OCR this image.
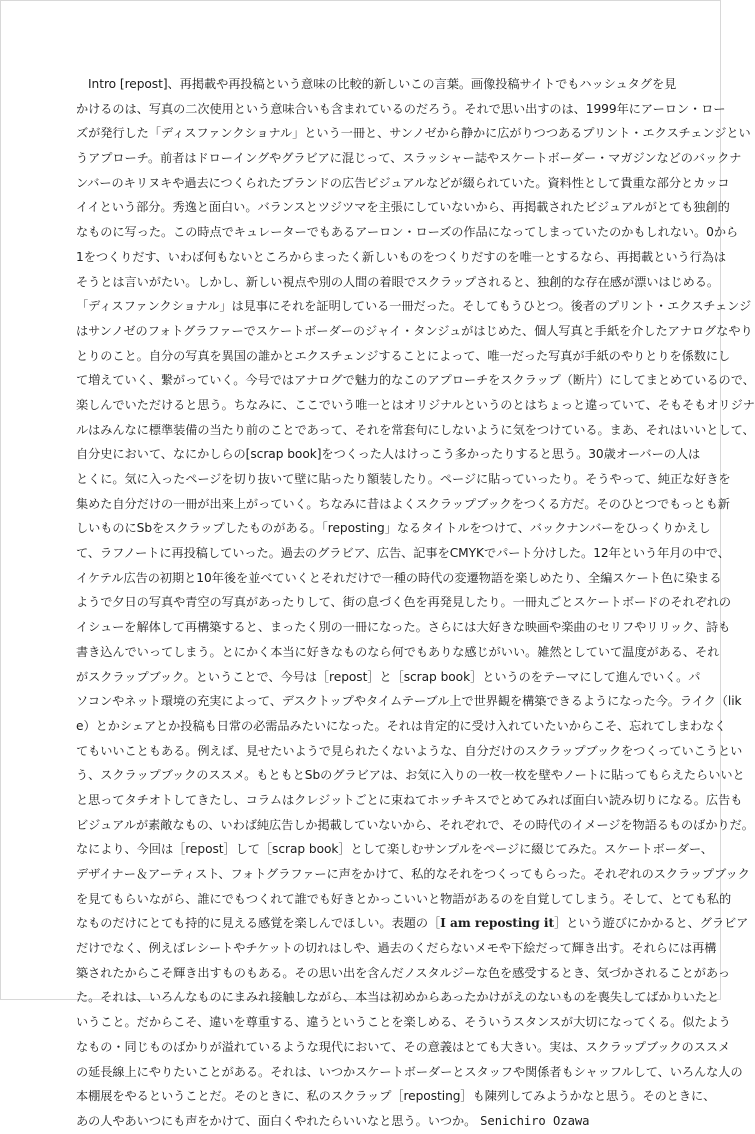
Intro [repost]、再掲載や再投稿という意味の比較的新しいこの言葉。画像投稿サイトでもハッシュタグを見
かけるのは、写真の二次使用という意味合いも含まれているのだろう。それで思い出すのは、1999年にアーロン・ロー
ズが発行した「ディスファンクショナル」という一冊と、サンノゼから静かに広がりつつあるプリント・エクスチェンジとい
うアプローチ。前者はドローイングやグラビアに混じって、スラッシャー誌やスケートボーダー・マガジンなどのバックナ
ンバーのキリヌキや過去につくられたブランドの広告ビジュアルなどが綴られていた。資料性として貴重な部分とカッコ
イイという部分。秀逸と面白い。バランスとツジツマを主張にしていないから、再掲載されたビジュアルがとても独創的
なものに写った。この時点でキュレーターでもあるアーロン・ローズの作品になってしまっていたのかもしれない。0から
1をつくりだす、いわば何もないところからまったく新しいものをつくりだすのを唯一とするなら、再掲載という行為は
そうとは言いがたい。しかし、新しい視点や別の人間の着眼でスクラップされると、独創的な存在感が漂いはじめる。
「ディスファンクショナル」は見事にそれを証明している一冊だった。そしてもうひとつ。後者のプリント・エクスチェンジ
はサンノゼのフォトグラファーでスケートボーダーのジャイ・タンジュがはじめた、個人写真と手紙を介したアナログなやり
とりのこと。自分の写真を異国の誰かとエクスチェンジすることによって、唯一だった写真が手紙のやりとりを係数にし
て増えていく、繋がっていく。今号ではアナログで魅力的なこのアプローチをスクラップ（断片）にしてまとめているので、
楽しんでいただけると思う。ちなみに、ここでいう唯一とはオリジナルというのとはちょっと違っていて、そもそもオリジナ
ルはみんなに標準装備の当たり前のことであって、それを常套句にしないように気をつけている。まあ、それはいいとして、
自分史において、なにかしらの[scrap book]をつくった人はけっこう多かったりすると思う。30歳オーバーの人は
とくに。気に入ったページを切り抜いて壁に貼ったり額装したり。ページに貼っていったり。そうやって、純正な好きを
集めた自分だけの一冊が出来上がっていく。ちなみに昔はよくスクラップブックをつくる方だ。そのひとつでもっとも新
しいものにSbをスクラップしたものがある。「reposting」なるタイトルをつけて、バックナンバーをひっくりかえし
て、ラフノートに再投稿していった。過去のグラビア、広告、記事をCMYKでパート分けした。12年という年月の中で、
イケテル広告の初期と10年後を並べていくとそれだけで一種の時代の変遷物語を楽しめたり、全編スケート色に染まる
ようで夕日の写真や青空の写真があったりして、街の息づく色を再発見したり。一冊丸ごとスケートボードのそれぞれの
イシューを解体して再構築すると、まったく別の一冊になった。さらには大好きな映画や楽曲のセリフやリリック、詩も
書き込んでいってしまう。とにかく本当に好きなものなら何でもありな感じがいい。雑然としていて温度がある、それ
がスクラップブック。ということで、今号は［repost］と［scrap book］というのをテーマにして進んでいく。パ
ソコンやネット環境の充実によって、デスクトップやタイムテーブル上で世界観を構築できるようになった今。ライク（lik
e）とかシェアとか投稿も日常の必需品みたいになった。それは肯定的に受け入れていたいからこそ、忘れてしまわなく
てもいいこともある。例えば、見せたいようで見られたくないような、自分だけのスクラップブックをつくっていこうとい
う、スクラップブックのススメ。もともとSbのグラビアは、お気に入りの一枚一枚を壁やノートに貼ってもらえたらいいと
と思ってタチオトしてきたし、コラムはクレジットごとに束ねてホッチキスでとめてみれば面白い読み切りになる。広告も
ビジュアルが素敵なもの、いわば純広告しか掲載していないから、それぞれで、その時代のイメージを物語るものばかりだ。
なにより、今回は［repost］して［scrap book］として楽しむサンプルをページに綴じてみた。スケートボーダー、
デザイナー＆アーティスト、フォトグラファーに声をかけて、私的なそれをつくってもらった。それぞれのスクラップブック
を見てもらいながら、誰にでもつくれて誰でも好きとかっこいいと物語があるのを自覚してしまう。そして、とても私的
なものだけにとても持的に見える感覚を楽しんでほしい。表題の［I am reposting it］という遊びにかかると、グラビア
だけでなく、例えばレシートやチケットの切れはしや、過去のくだらないメモや下絵だって輝き出す。それらには再構
築されたからこそ輝き出すものもある。その思い出を含んだノスタルジーな色を感受するとき、気づかされることがあっ
た。それは、いろんなものにまみれ接触しながら、本当は初めからあったかけがえのないものを喪失してばかりいたと
いうこと。だからこそ、違いを尊重する、違うということを楽しめる、そういうスタンスが大切になってくる。似たよう
なもの・同じものばかりが溢れているような現代において、その意義はとても大きい。実は、スクラップブックのススメ
の延長線上にやりたいことがある。それは、いつかスケートボーダーとスタッフや関係者もシャッフルして、いろんな人の
本棚展をやるということだ。そのときに、私のスクラップ［reposting］も陳列してみようかなと思う。そのときに、
あの人やあいつにも声をかけて、面白くやれたらいいなと思う。いつか。 Senichiro Ozawa
